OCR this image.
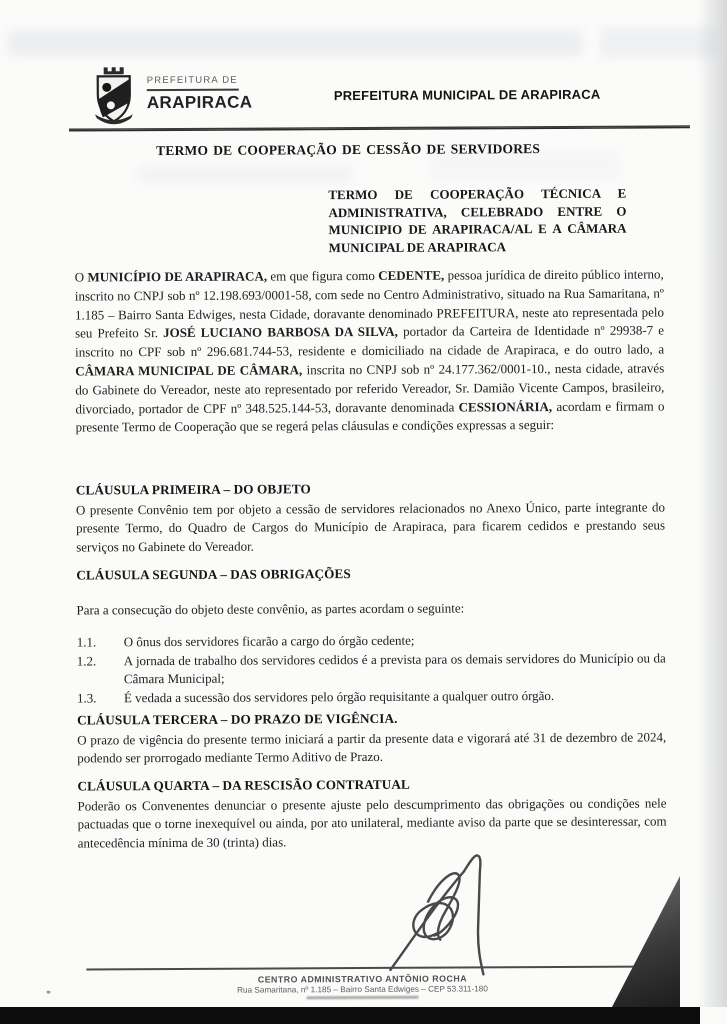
PREFEITURA DE
ARAPIRACA	PREFEITURA MUNICIPAL DE ARAPIRACA
TERMO DE COOPERAÇÃO DE CESSÃO DE SERVIDORES
TERMO DE COOPERAÇÃO TÉCNICA E ADMINISTRATIVA, CELEBRADO ENTRE O MUNICIPIO DE ARAPIRACA/AL E A CÂMARA MUNICIPAL DE ARAPIRACA
O MUNICÍPIO DE ARAPIRACA, em que figura como CEDENTE, pessoa jurídica de direito público interno, inscrito no CNPJ sob nº 12.198.693/0001-58, com sede no Centro Administrativo, situado na Rua Samaritana, nº 1.185 – Bairro Santa Edwiges, nesta Cidade, doravante denominado PREFEITURA, neste ato representada pelo seu Prefeito Sr. JOSÉ LUCIANO BARBOSA DA SILVA, portador da Carteira de Identidade nº 29938-7 e inscrito no CPF sob nº 296.681.744-53, residente e domiciliado na cidade de Arapiraca, e do outro lado, a CÂMARA MUNICIPAL DE CÂMARA, inscrita no CNPJ sob nº 24.177.362/0001-10., nesta cidade, através do Gabinete do Vereador, neste ato representado por referido Vereador, Sr. Damião Vicente Campos, brasileiro, divorciado, portador de CPF nº 348.525.144-53, doravante denominada CESSIONÁRIA, acordam e firmam o presente Termo de Cooperação que se regerá pelas cláusulas e condições expressas a seguir:
CLÁUSULA PRIMEIRA – DO OBJETO
O presente Convênio tem por objeto a cessão de servidores relacionados no Anexo Único, parte integrante do presente Termo, do Quadro de Cargos do Município de Arapiraca, para ficarem cedidos e prestando seus serviços no Gabinete do Vereador.
CLÁUSULA SEGUNDA – DAS OBRIGAÇÕES
Para a consecução do objeto deste convênio, as partes acordam o seguinte:
1.1.	O ônus dos servidores ficarão a cargo do órgão cedente;
1.2.	A jornada de trabalho dos servidores cedidos é a prevista para os demais servidores do Município ou da Câmara Municipal;
1.3.	É vedada a sucessão dos servidores pelo órgão requisitante a qualquer outro órgão.
CLÁUSULA TERCERA – DO PRAZO DE VIGÊNCIA.
O prazo de vigência do presente termo iniciará a partir da presente data e vigorará até 31 de dezembro de 2024, podendo ser prorrogado mediante Termo Aditivo de Prazo.
CLÁUSULA QUARTA – DA RESCISÃO CONTRATUAL
Poderão os Convenentes denunciar o presente ajuste pelo descumprimento das obrigações ou condições nele pactuadas que o torne inexequível ou ainda, por ato unilateral, mediante aviso da parte que se desinteressar, com antecedência mínima de 30 (trinta) dias.
CENTRO ADMINISTRATIVO ANTÔNIO ROCHA
Rua Samaritana, nº 1.185 – Bairro Santa Edwiges – CEP 53.311-180
